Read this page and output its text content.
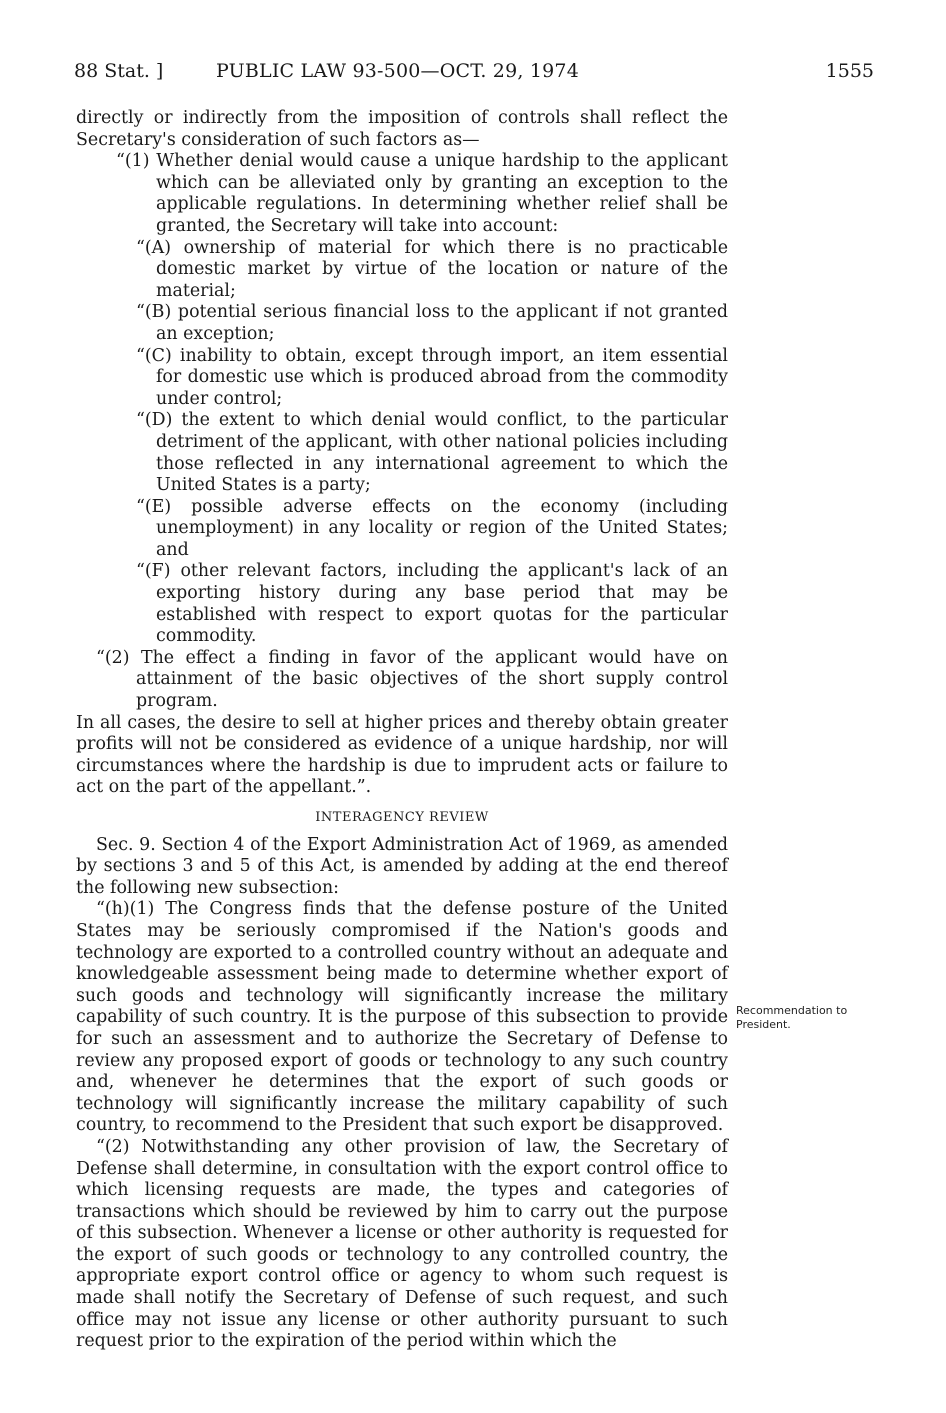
88 Stat. ]	PUBLIC LAW 93-500—OCT. 29, 1974	1555

directly or indirectly from the imposition of controls shall reflect the Secretary's consideration of such factors as—

“(1) Whether denial would cause a unique hardship to the applicant which can be alleviated only by granting an exception to the applicable regulations. In determining whether relief shall be granted, the Secretary will take into account:

“(A) ownership of material for which there is no practicable domestic market by virtue of the location or nature of the material;

“(B) potential serious financial loss to the applicant if not granted an exception;

“(C) inability to obtain, except through import, an item essential for domestic use which is produced abroad from the commodity under control;

“(D) the extent to which denial would conflict, to the particular detriment of the applicant, with other national policies including those reflected in any international agreement to which the United States is a party;

“(E) possible adverse effects on the economy (including unemployment) in any locality or region of the United States; and

“(F) other relevant factors, including the applicant's lack of an exporting history during any base period that may be established with respect to export quotas for the particular commodity.

“(2) The effect a finding in favor of the applicant would have on attainment of the basic objectives of the short supply control program.

In all cases, the desire to sell at higher prices and thereby obtain greater profits will not be considered as evidence of a unique hardship, nor will circumstances where the hardship is due to imprudent acts or failure to act on the part of the appellant.”.

INTERAGENCY REVIEW

Sec. 9. Section 4 of the Export Administration Act of 1969, as amended by sections 3 and 5 of this Act, is amended by adding at the end thereof the following new subsection:

“(h)(1) The Congress finds that the defense posture of the United States may be seriously compromised if the Nation's goods and technology are exported to a controlled country without an adequate and knowledgeable assessment being made to determine whether export of such goods and technology will significantly increase the military capability of such country. It is the purpose of this subsection to provide for such an assessment and to authorize the Secretary of Defense to review any proposed export of goods or technology to any such country and, whenever he determines that the export of such goods or technology will significantly increase the military capability of such country, to recommend to the President that such export be disapproved.

“(2) Notwithstanding any other provision of law, the Secretary of Defense shall determine, in consultation with the export control office to which licensing requests are made, the types and categories of transactions which should be reviewed by him to carry out the purpose of this subsection. Whenever a license or other authority is requested for the export of such goods or technology to any controlled country, the appropriate export control office or agency to whom such request is made shall notify the Secretary of Defense of such request, and such office may not issue any license or other authority pursuant to such request prior to the expiration of the period within which the

Recommendation to President.
